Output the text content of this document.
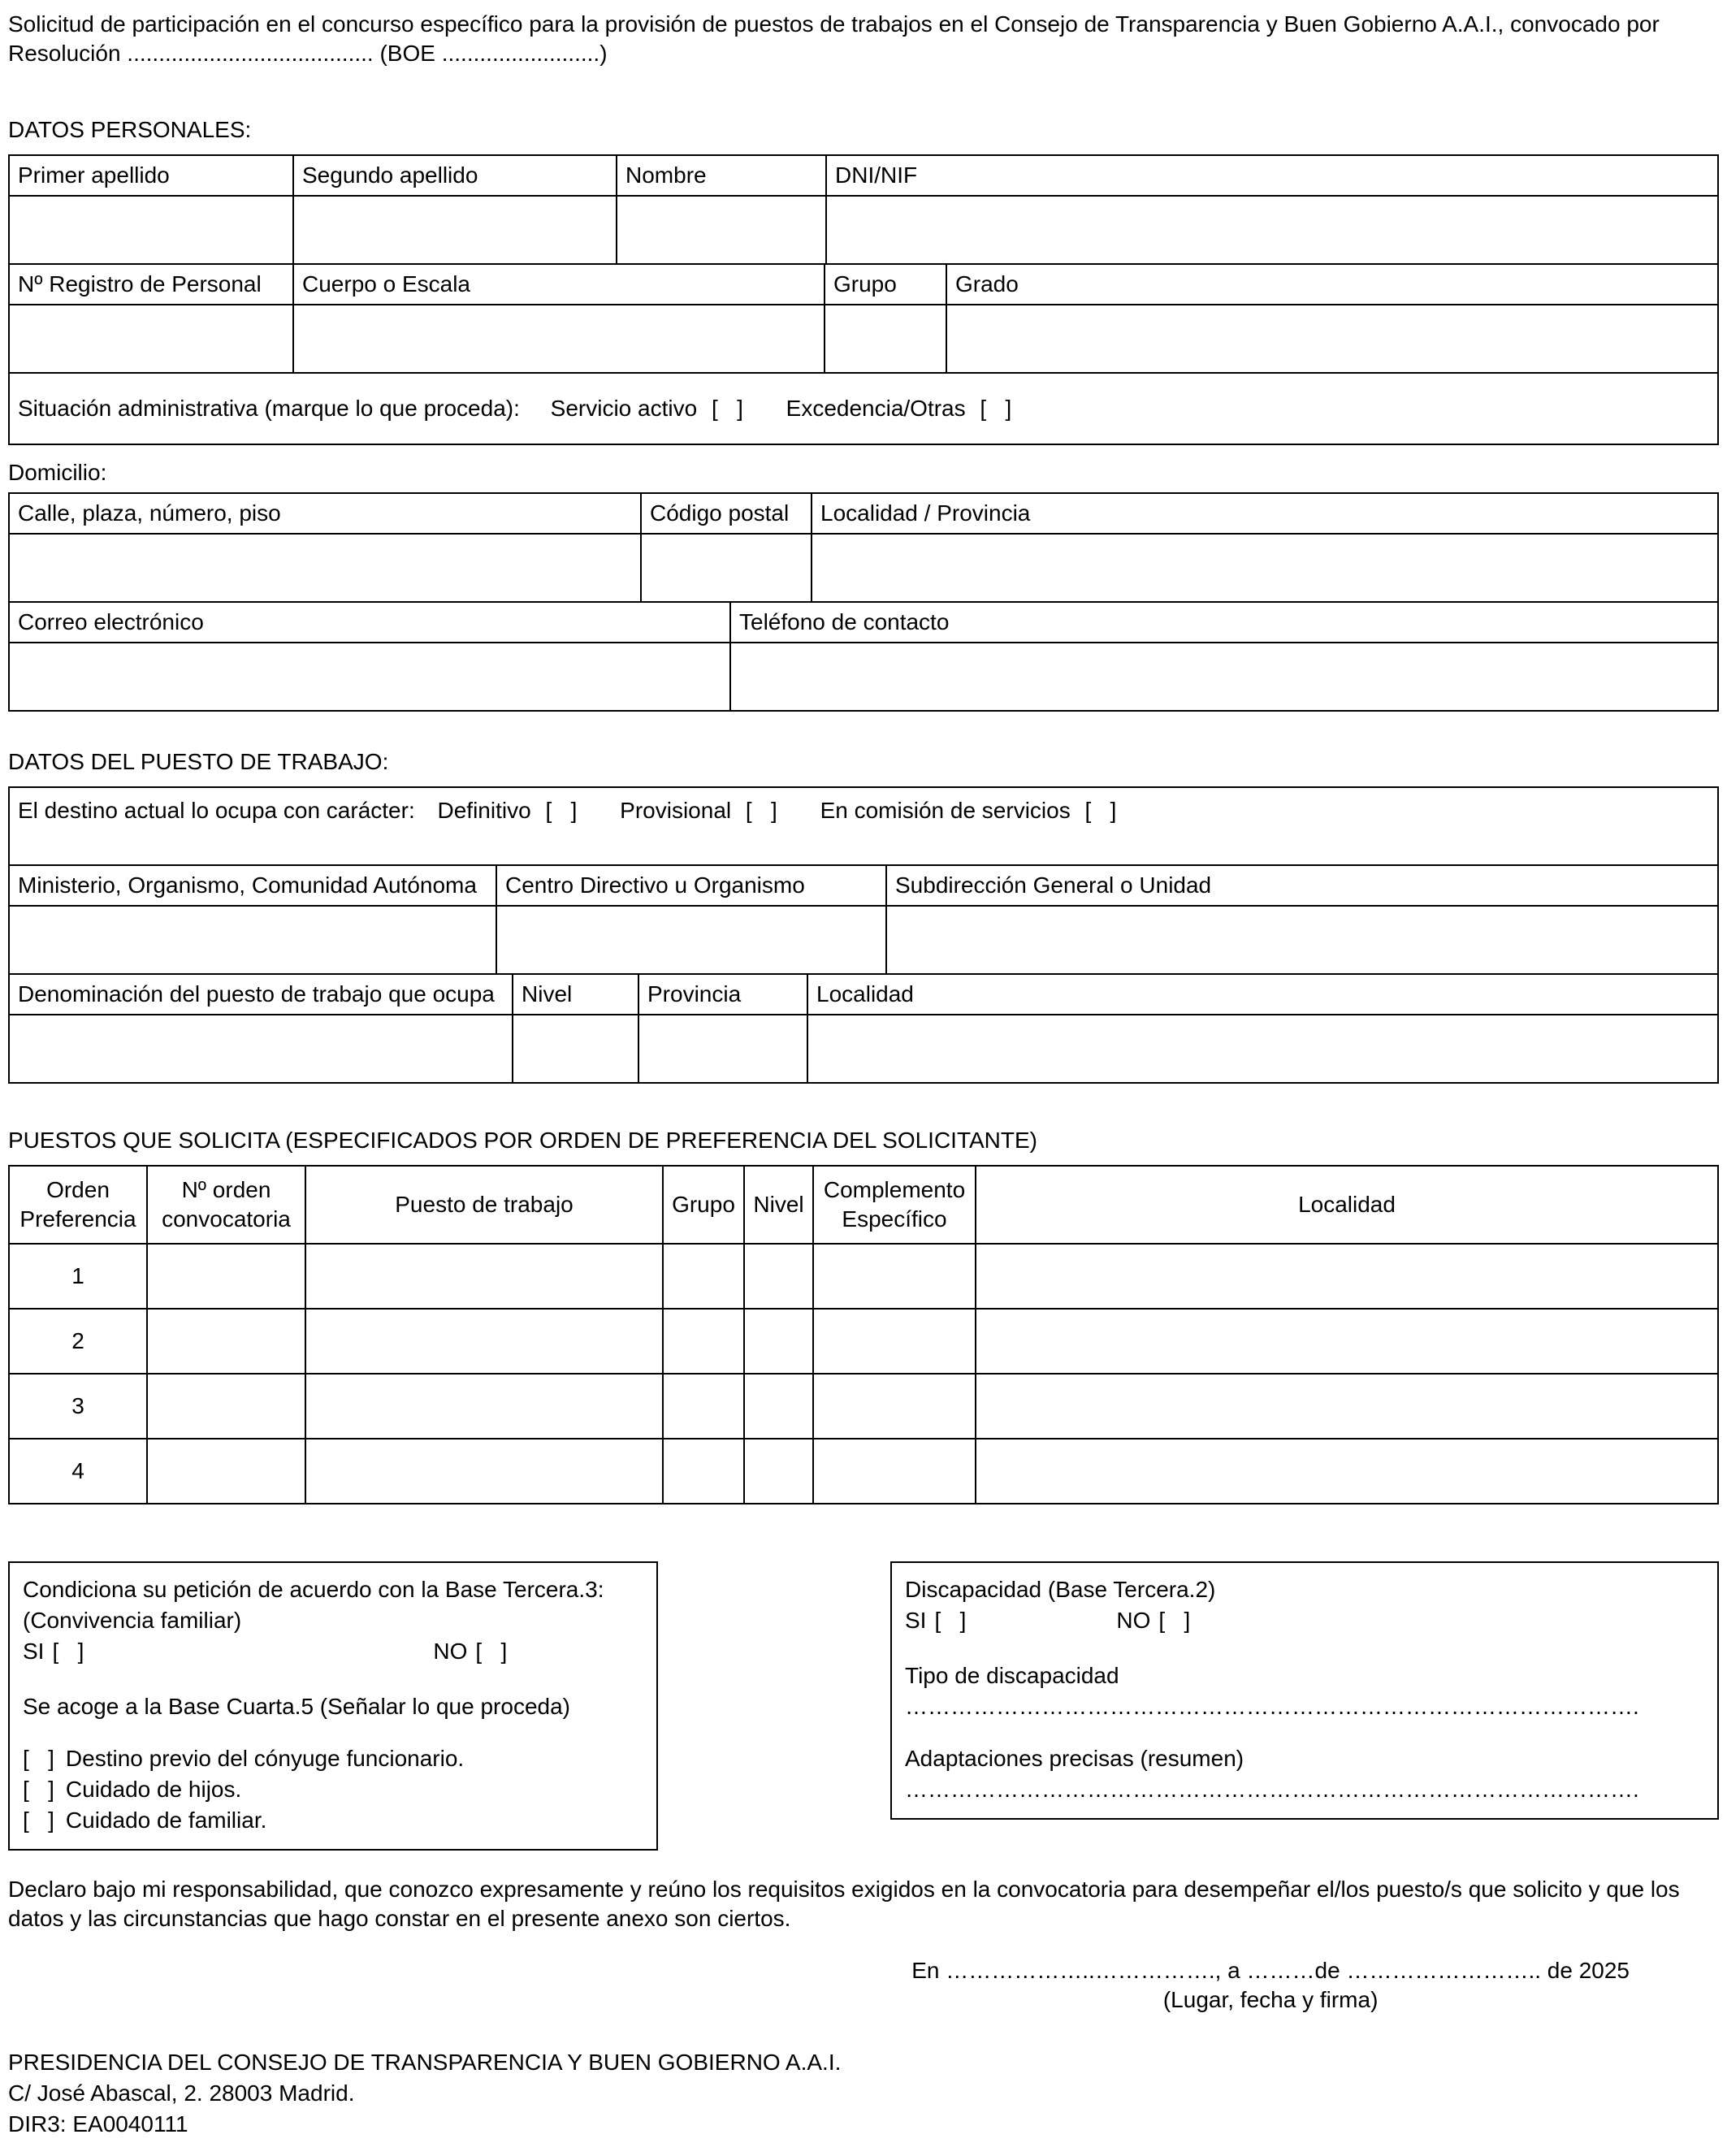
Solicitud de participación en el concurso específico para la provisión de puestos de trabajos en el Consejo de Transparencia y Buen Gobierno A.A.I., convocado por Resolución ....................................... (BOE .........................)

DATOS PERSONALES:

Primer apellido	Segundo apellido	Nombre	DNI/NIF

Nº Registro de Personal	Cuerpo o Escala	Grupo	Grado

Situación administrativa (marque lo que proceda): Servicio activo [   ] Excedencia/Otras [   ]

Domicilio:

Calle, plaza, número, piso	Código postal	Localidad / Provincia

Correo electrónico	Teléfono de contacto

DATOS DEL PUESTO DE TRABAJO:

El destino actual lo ocupa con carácter: Definitivo [   ] Provisional [   ] En comisión de servicios [   ]
Ministerio, Organismo, Comunidad Autónoma	Centro Directivo u Organismo	Subdirección General o Unidad

Denominación del puesto de trabajo que ocupa	Nivel	Provincia	Localidad

PUESTOS QUE SOLICITA (ESPECIFICADOS POR ORDEN DE PREFERENCIA DEL SOLICITANTE)

Orden Preferencia	Nº orden convocatoria	Puesto de trabajo	Grupo	Nivel	Complemento Específico	Localidad
1						
2						
3						
4						
Condiciona su petición de acuerdo con la Base Tercera.3:
(Convivencia familiar)
SI [   ]	NO [   ]
Se acoge a la Base Cuarta.5 (Señalar lo que proceda)
[   ] Destino previo del cónyuge funcionario.
[   ] Cuidado de hijos.
[   ] Cuidado de familiar.
Discapacidad (Base Tercera.2)
SI [   ]	NO [   ]
Tipo de discapacidad
…………………………………………………………………………………….
Adaptaciones precisas (resumen)
…………………………………………………………………………………….

Declaro bajo mi responsabilidad, que conozco expresamente y reúno los requisitos exigidos en la convocatoria para desempeñar el/los puesto/s que solicito y que los datos y las circunstancias que hago constar en el presente anexo son ciertos.

En ………………..……………., a ………de …………………….. de 2025
(Lugar, fecha y firma)
PRESIDENCIA DEL CONSEJO DE TRANSPARENCIA Y BUEN GOBIERNO A.A.I.
C/ José Abascal, 2. 28003 Madrid.
DIR3: EA0040111
